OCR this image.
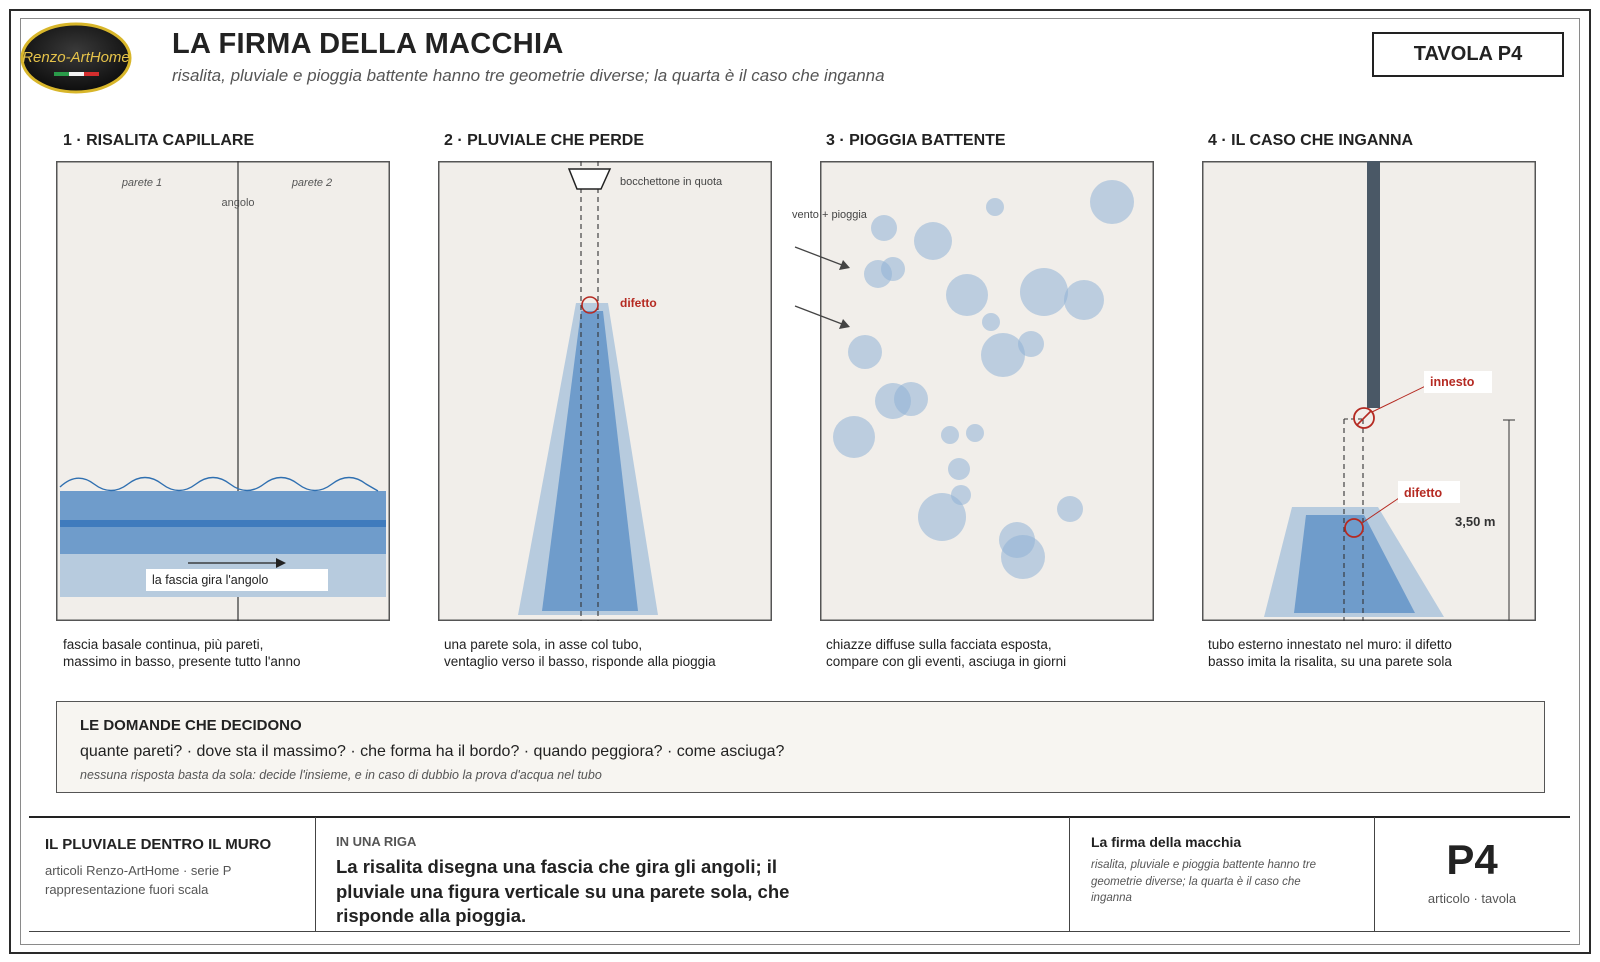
Renzo-ArtHome LA FIRMA DELLA MACCHIA
risalita, pluviale e pioggia battente hanno tre geometrie diverse; la quarta è il caso che inganna
TAVOLA P4
1 · RISALITA CAPILLARE
parete 1	parete 2
angolo
la fascia gira l'angolo
fascia basale continua, più pareti,
massimo in basso, presente tutto l'anno
2 · PLUVIALE CHE PERDE
bocchettone in quota
difetto
una parete sola, in asse col tubo,
ventaglio verso il basso, risponde alla pioggia
3 · PIOGGIA BATTENTE
vento + pioggia
chiazze diffuse sulla facciata esposta,
compare con gli eventi, asciuga in giorni
4 · IL CASO CHE INGANNA
innesto
difetto
3,50 m
tubo esterno innestato nel muro: il difetto
basso imita la risalita, su una parete sola
LE DOMANDE CHE DECIDONO
quante pareti? · dove sta il massimo? · che forma ha il bordo? · quando peggiora? · come asciuga?
nessuna risposta basta da sola: decide l'insieme, e in caso di dubbio la prova d'acqua nel tubo
IL PLUVIALE DENTRO IL MURO
articoli Renzo-ArtHome · serie P
rappresentazione fuori scala
IN UNA RIGA
La risalita disegna una fascia che gira gli angoli; il pluviale una figura verticale su una parete sola, che risponde alla pioggia.
La firma della macchia
risalita, pluviale e pioggia battente hanno tre geometrie diverse; la quarta è il caso che inganna
P4
articolo · tavola
